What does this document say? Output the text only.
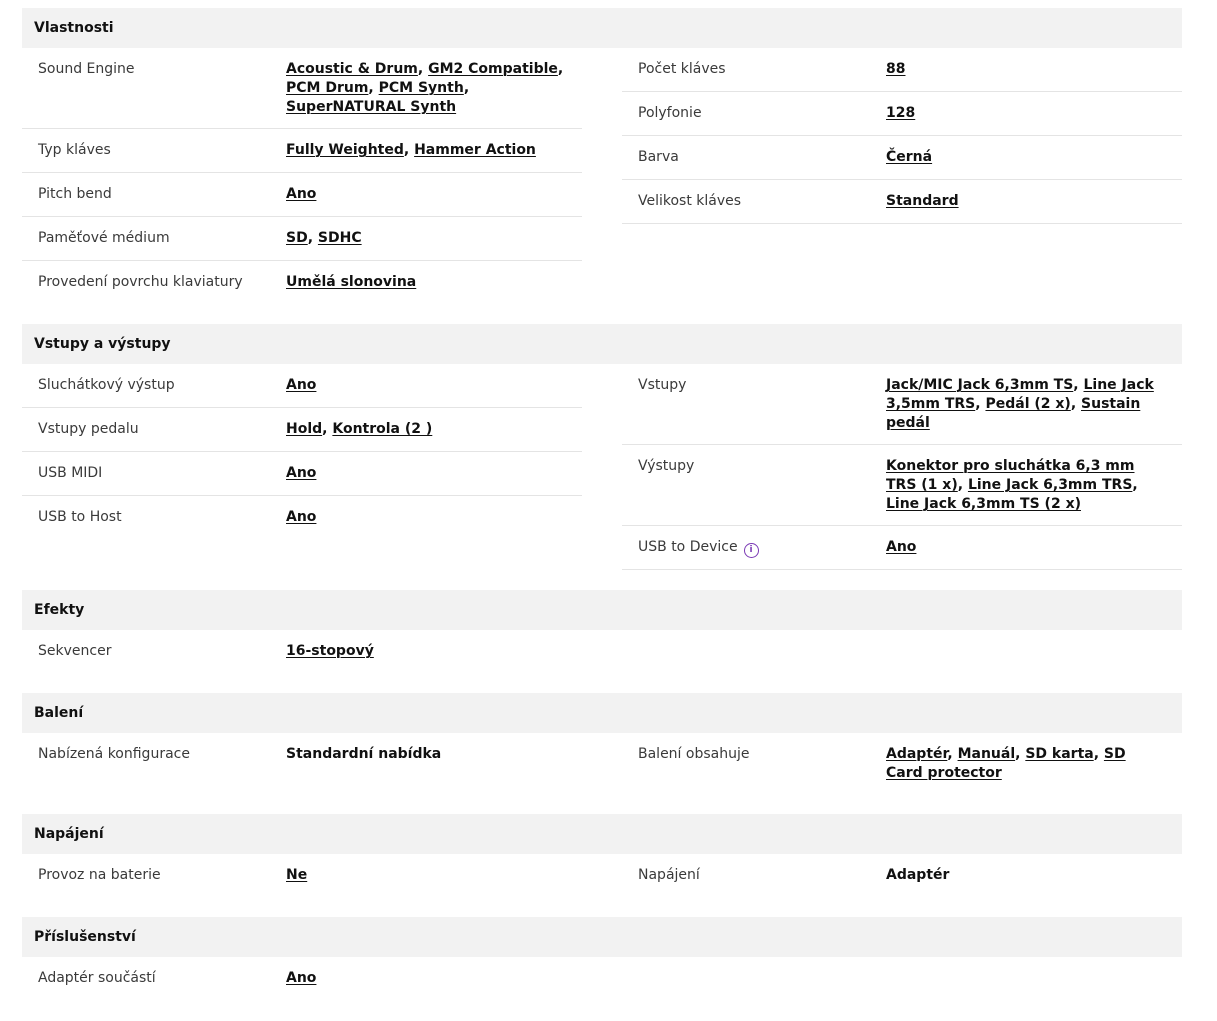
Vlastnosti
Sound Engine	Acoustic & Drum, GM2 Compatible, PCM Drum, PCM Synth, SuperNATURAL Synth
Typ kláves	Fully Weighted, Hammer Action
Pitch bend	Ano
Paměťové médium	SD, SDHC
Provedení povrchu klaviatury	Umělá slonovina
Počet kláves	88
Polyfonie	128
Barva	Černá
Velikost kláves	Standard
Vstupy a výstupy
Sluchátkový výstup	Ano
Vstupy pedalu	Hold, Kontrola (2 )
USB MIDI	Ano
USB to Host	Ano
Vstupy	Jack/MIC Jack 6,3mm TS, Line Jack 3,5mm TRS, Pedál (2 x), Sustain pedál
Výstupy	Konektor pro sluchátka 6,3 mm TRS (1 x), Line Jack 6,3mm TRS, Line Jack 6,3mm TS (2 x)
USB to Device i	Ano
Efekty
Sekvencer	16-stopový
Balení
Nabízená konfigurace	Standardní nabídka	Balení obsahuje	Adaptér, Manuál, SD karta, SD Card protector
Napájení
Provoz na baterie	Ne	Napájení	Adaptér
Příslušenství
Adaptér součástí	Ano
